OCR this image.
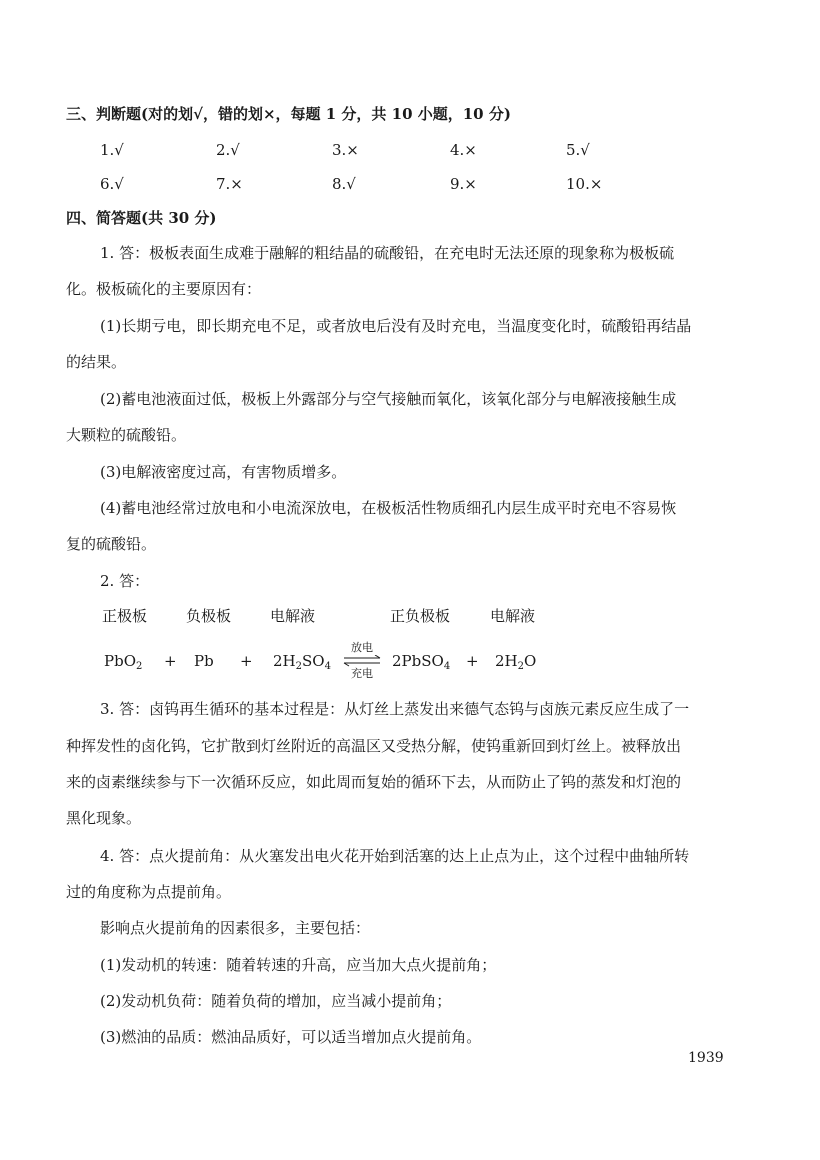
三、判断题(对的划√，错的划×，每题 1 分，共 10 小题，10 分)
1.√	2.√	3.×	4.×	5.√
6.√	7.×	8.√	9.×	10.×
四、简答题(共 30 分)
1. 答：极板表面生成难于融解的粗结晶的硫酸铅，在充电时无法还原的现象称为极板硫
化。极板硫化的主要原因有：
(1)长期亏电，即长期充电不足，或者放电后没有及时充电，当温度变化时，硫酸铅再结晶
的结果。
(2)蓄电池液面过低，极板上外露部分与空气接触而氧化，该氧化部分与电解液接触生成
大颗粒的硫酸铅。
(3)电解液密度过高，有害物质增多。
(4)蓄电池经常过放电和小电流深放电，在极板活性物质细孔内层生成平时充电不容易恢
复的硫酸铅。
2. 答：
正极板	负极板	电解液	正负极板	电解液
$PbO_2 + Pb + 2H_2SO_4$
放电
充电
2PbSO$_4$ + $2H_2O$
3. 答：卤钨再生循环的基本过程是：从灯丝上蒸发出来德气态钨与卤族元素反应生成了一
种挥发性的卤化钨，它扩散到灯丝附近的高温区又受热分解，使钨重新回到灯丝上。被释放出
来的卤素继续参与下一次循环反应，如此周而复始的循环下去，从而防止了钨的蒸发和灯泡的
黑化现象。
4. 答：点火提前角：从火塞发出电火花开始到活塞的达上止点为止，这个过程中曲轴所转
过的角度称为点提前角。
影响点火提前角的因素很多，主要包括：
(1)发动机的转速：随着转速的升高，应当加大点火提前角；
(2)发动机负荷：随着负荷的增加，应当减小提前角；
(3)燃油的品质：燃油品质好，可以适当增加点火提前角。
1939
